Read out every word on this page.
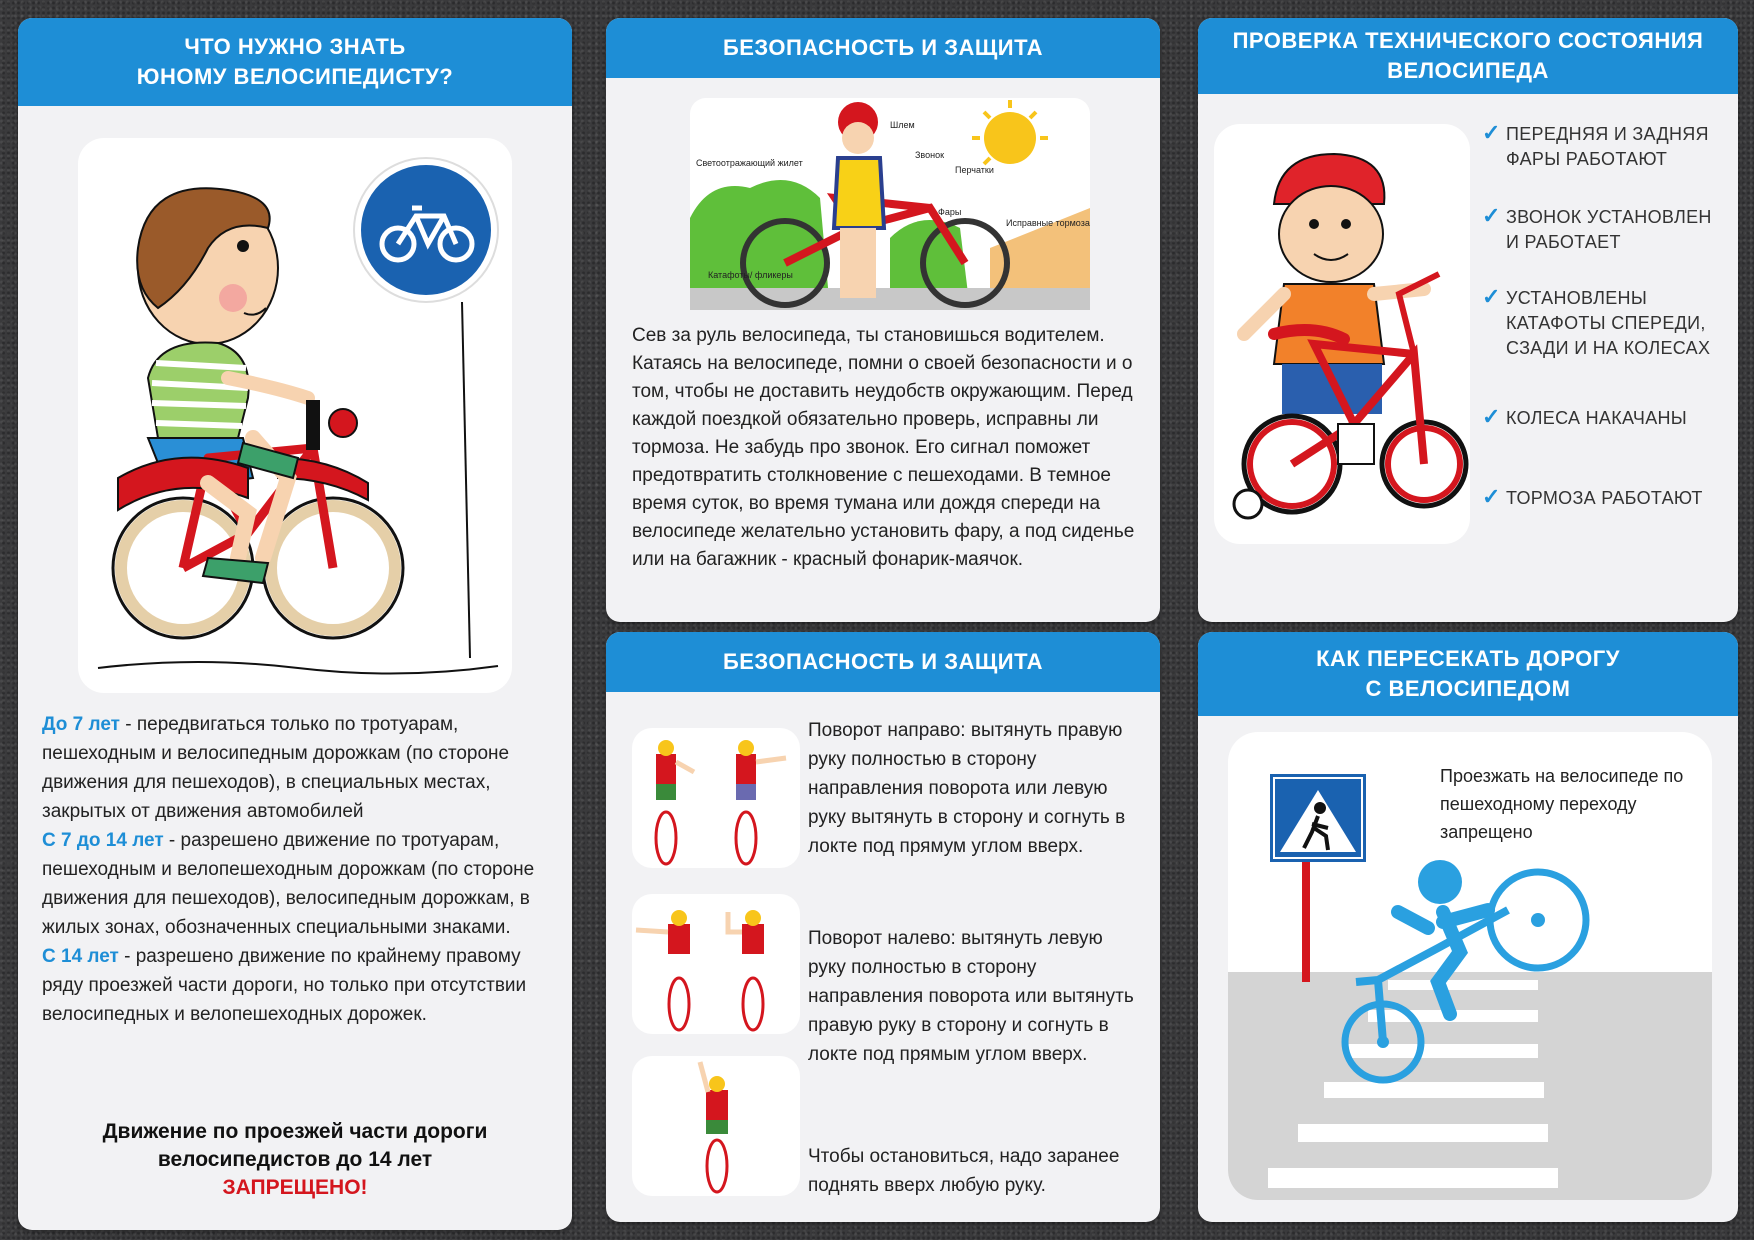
ЧТО НУЖНО ЗНАТЬ
ЮНОМУ ВЕЛОСИПЕДИСТУ?

До 7 лет - передвигаться только по тротуарам, пешеходным и велосипедным дорожкам (по стороне движения для пешеходов), в специальных местах, закрытых от движения автомобилей

С 7 до 14 лет - разрешено движение по тротуарам, пешеходным и велопешеходным дорожкам (по стороне движения для пешеходов), велосипедным дорожкам, в жилых зонах, обозначенных специальными знаками.

С 14 лет - разрешено движение по крайнему правому ряду проезжей части дороги, но только при отсутствии велосипедных и велопешеходных дорожек.

Движение по проезжей части дороги
велосипедистов до 14 лет
ЗАПРЕЩЕНО!
БЕЗОПАСНОСТЬ И ЗАЩИТА
Шлем
Звонок
Перчатки
Светоотражающий жилет
Фары
Исправные тормоза
Катафоты/ фликеры

Сев за руль велосипеда, ты становишься водителем. Катаясь на велосипеде, помни о своей безопасности и о том, чтобы не доставить неудобств окружающим. Перед каждой поездкой обязательно проверь, исправны ли тормоза. Не забудь про звонок. Его сигнал поможет предотвратить столкновение с пешеходами. В темное время суток, во время тумана или дождя спереди на велосипеде желательно установить фару, а под сиденье или на багажник - красный фонарик-маячок.

ПРОВЕРКА ТЕХНИЧЕСКОГО СОСТОЯНИЯ
ВЕЛОСИПЕДА
✓ ПЕРЕДНЯЯ И ЗАДНЯЯ ФАРЫ РАБОТАЮТ
✓ ЗВОНОК УСТАНОВЛЕН И РАБОТАЕТ
✓ УСТАНОВЛЕНЫ КАТАФОТЫ СПЕРЕДИ, СЗАДИ И НА КОЛЕСАХ
✓ КОЛЕСА НАКАЧАНЫ
✓ ТОРМОЗА РАБОТАЮТ
БЕЗОПАСНОСТЬ И ЗАЩИТА

Поворот направо: вытянуть правую руку полностью в сторону направления поворота или левую руку вытянуть в сторону и согнуть в локте под прямум углом вверх.

Поворот налево: вытянуть левую руку полностью в сторону направления поворота или вытянуть правую руку в сторону и согнуть в локте под прямым углом вверх.

Чтобы остановиться, надо заранее поднять вверх любую руку.

КАК ПЕРЕСЕКАТЬ ДОРОГУ
С ВЕЛОСИПЕДОМ

Проезжать на велосипеде по пешеходному переходу запрещено
